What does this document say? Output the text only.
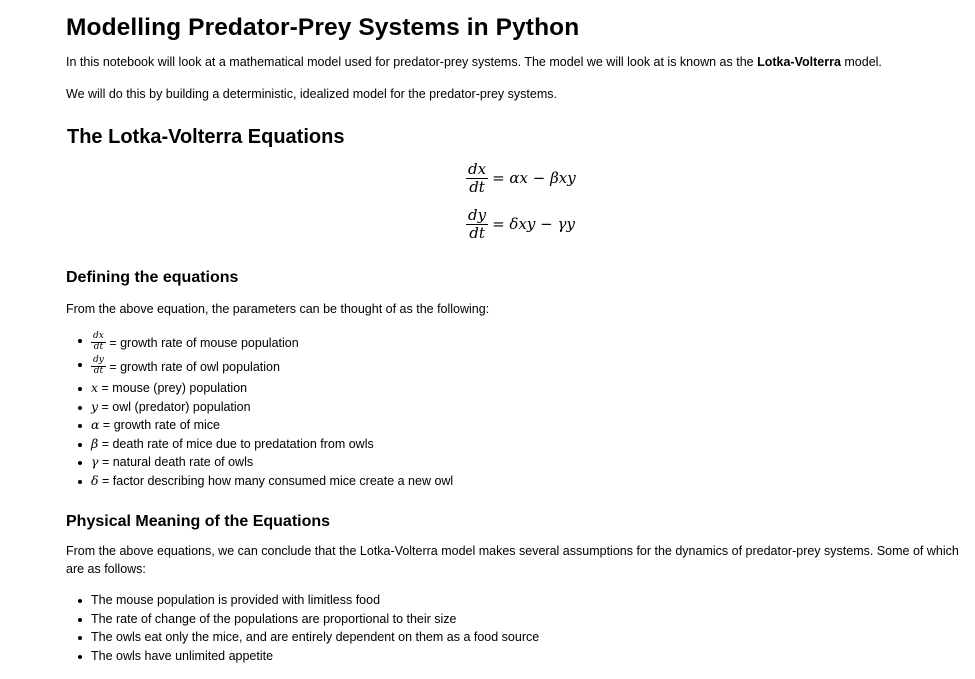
Modelling Predator-Prey Systems in Python

In this notebook will look at a mathematical model used for predator-prey systems. The model we will look at is known as the Lotka-Volterra model.

We will do this by building a deterministic, idealized model for the predator-prey systems.

The Lotka-Volterra Equations
$\frac{dx}{dt} = \alpha x - \beta xy$
$\frac{dy}{dt} = \delta xy - \gamma y$
Defining the equations

From the above equation, the parameters can be thought of as the following:

$\frac{dx}{dt}$ = growth rate of mouse population
$\frac{dy}{dt}$ = growth rate of owl population
x = mouse (prey) population
y = owl (predator) population
α = growth rate of mice
β = death rate of mice due to predatation from owls
γ = natural death rate of owls
δ = factor describing how many consumed mice create a new owl
Physical Meaning of the Equations

From the above equations, we can conclude that the Lotka-Volterra model makes several assumptions for the dynamics of predator-prey systems. Some of which are as follows:

The mouse population is provided with limitless food
The rate of change of the populations are proportional to their size
The owls eat only the mice, and are entirely dependent on them as a food source
The owls have unlimited appetite
